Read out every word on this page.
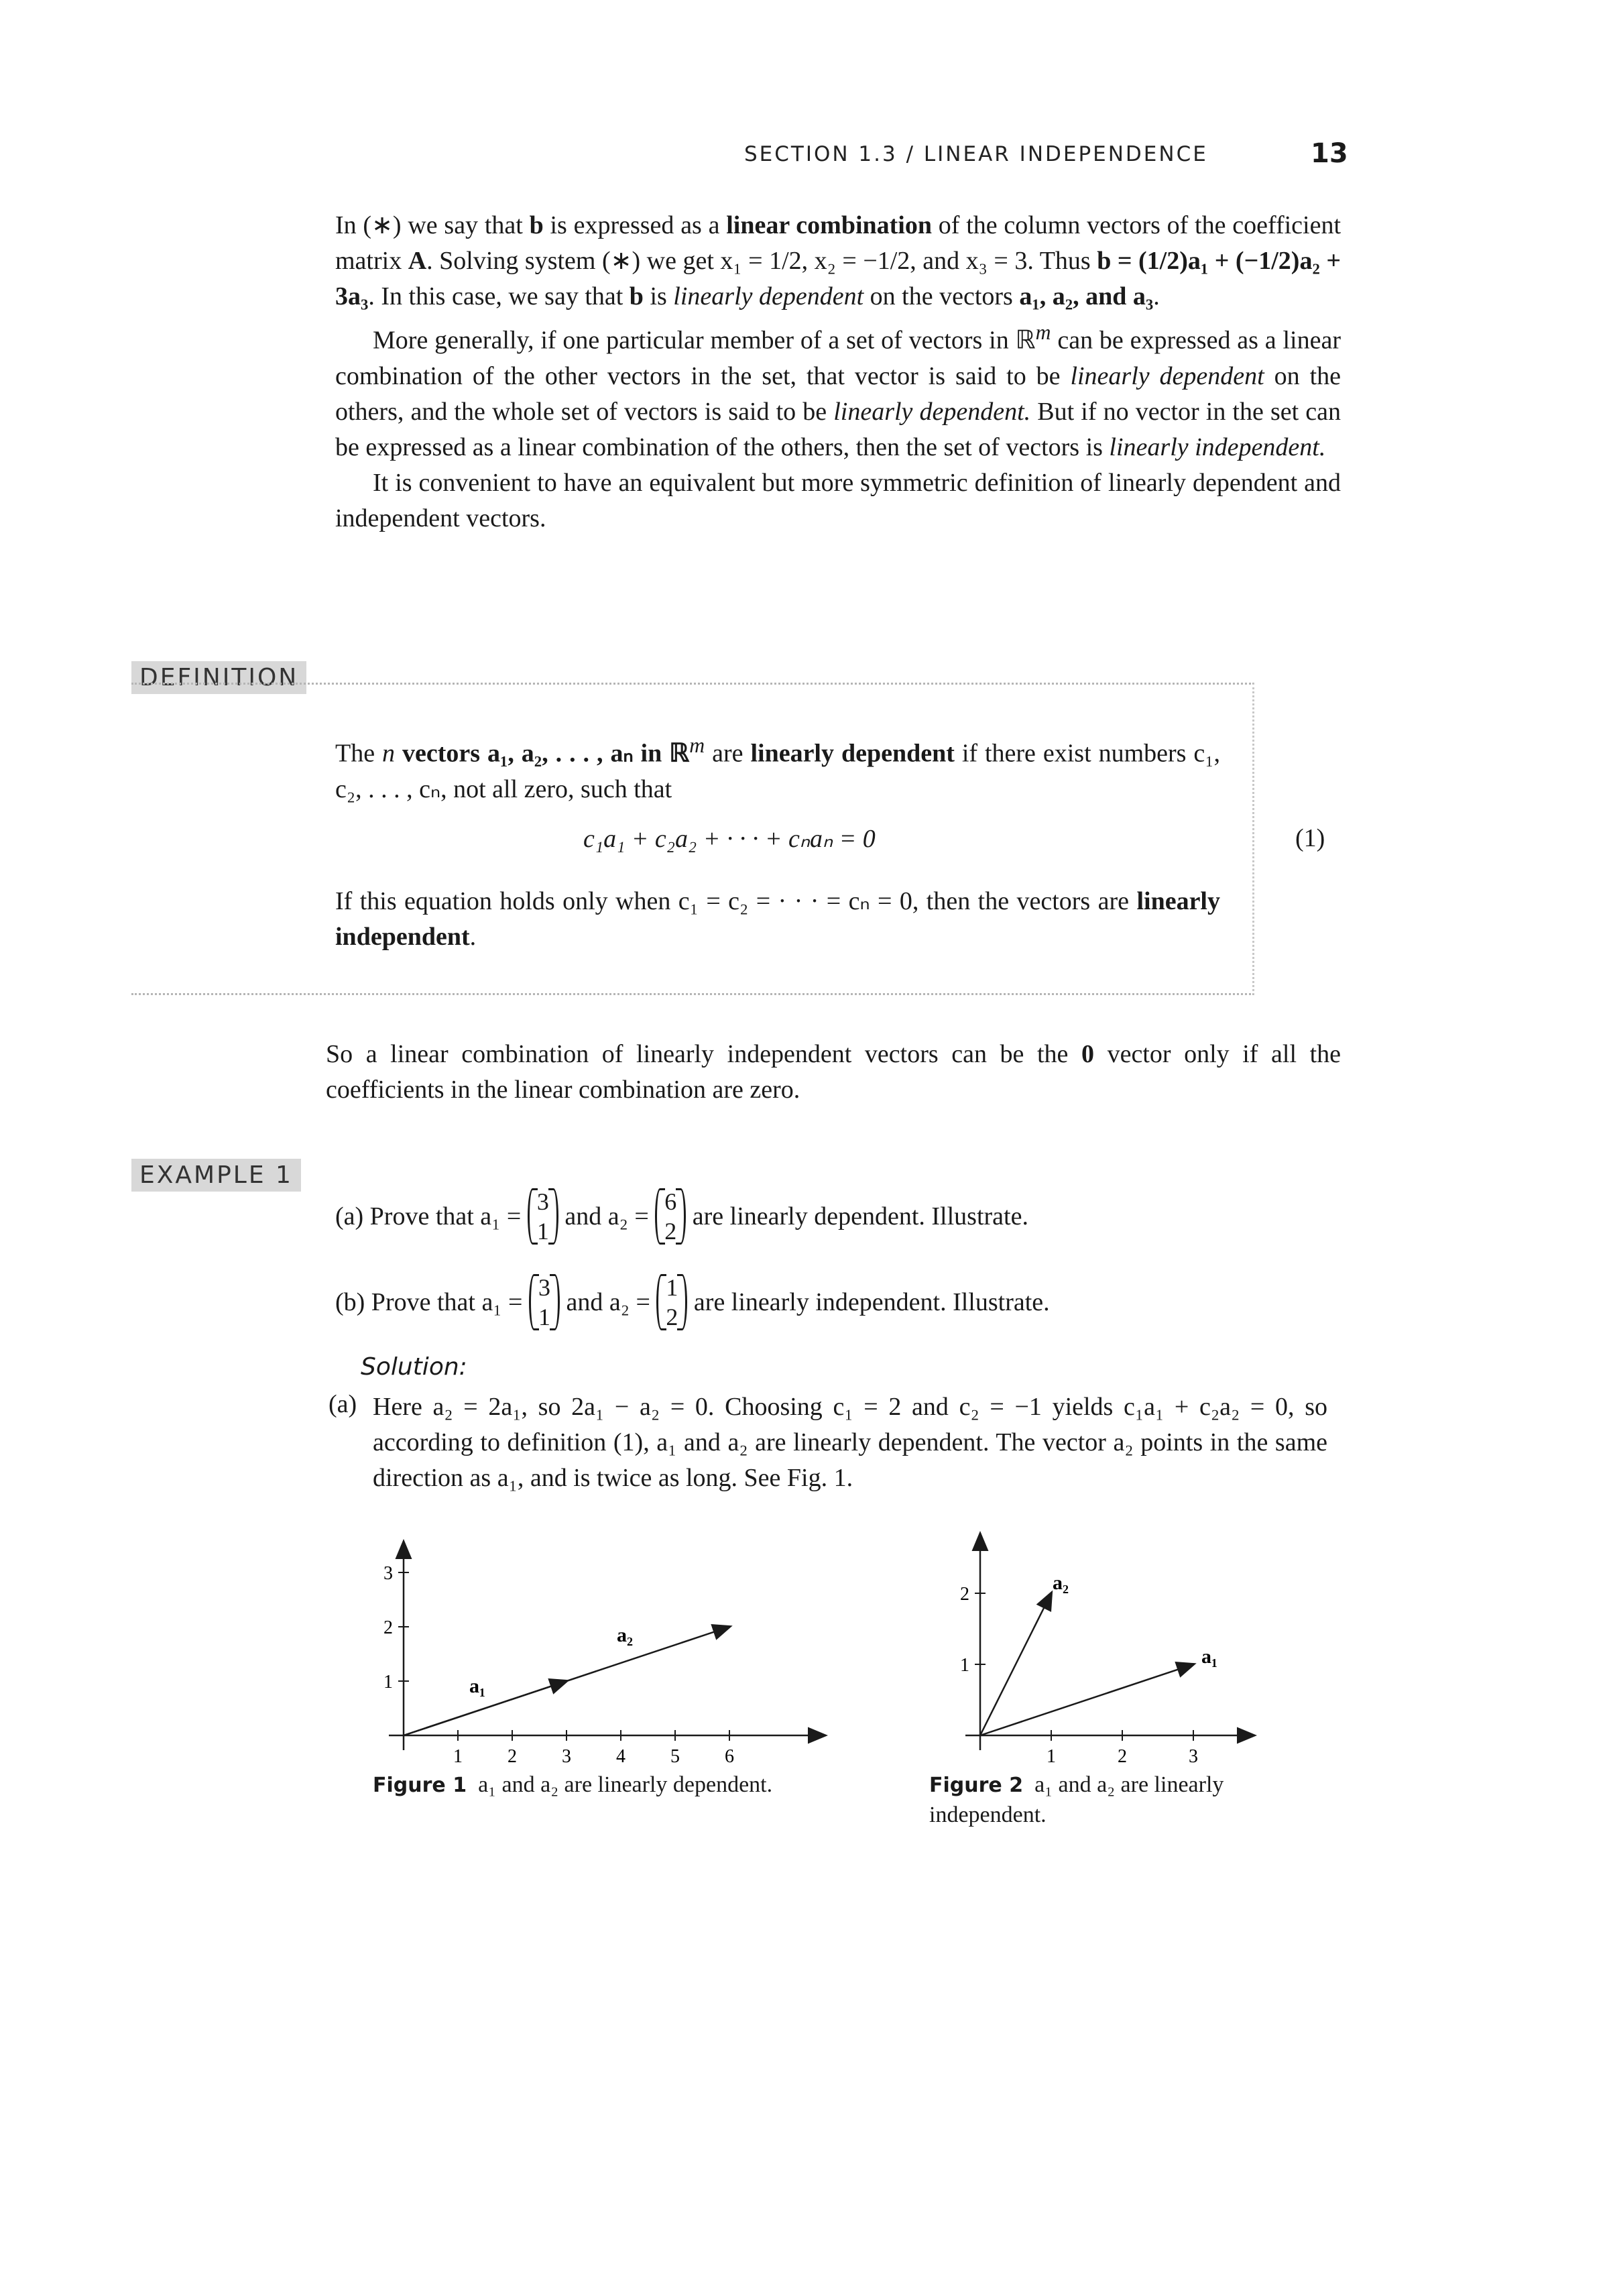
SECTION 1.3 / LINEAR INDEPENDENCE	13

In (∗) we say that b is expressed as a linear combination of the column vectors of the coefficient matrix A. Solving system (∗) we get x₁ = 1/2, x₂ = −1/2, and x₃ = 3. Thus b = (1/2)a₁ + (−1/2)a₂ + 3a₃. In this case, we say that b is linearly dependent on the vectors a₁, a₂, and a₃.

More generally, if one particular member of a set of vectors in ℝ$^m$ can be expressed as a linear combination of the other vectors in the set, that vector is said to be linearly dependent on the others, and the whole set of vectors is said to be linearly dependent. But if no vector in the set can be expressed as a linear combination of the others, then the set of vectors is linearly independent.

It is convenient to have an equivalent but more symmetric definition of linearly dependent and independent vectors.

DEFINITION

The n vectors a₁, a₂, . . . , aₙ in ℝ$^m$ are linearly dependent if there exist numbers c₁, c₂, . . . , cₙ, not all zero, such that

c₁a₁ + c₂a₂ + · · · + cₙaₙ = 0	(1)

If this equation holds only when c₁ = c₂ = · · · = cₙ = 0, then the vectors are linearly independent.

So a linear combination of linearly independent vectors can be the 0 vector only if all the coefficients in the linear combination are zero.

EXAMPLE 1
(a) Prove that a₁ =
3
1
and a₂ =
6
2
are linearly dependent. Illustrate.
(b) Prove that a₁ =
3
1
and a₂ =
1
2
are linearly independent. Illustrate.
Solution:
(a) Here a₂ = 2a₁, so 2a₁ − a₂ = 0. Choosing c₁ = 2 and c₂ = −1 yields c₁a₁ + c₂a₂ = 0, so according to definition (1), a₁ and a₂ are linearly dependent. The vector a₂ points in the same direction as a₁, and is twice as long. See Fig. 1.
1 2 3 4 5 6
1
2
3
a₁
a₂
Figure 1 a₁ and a₂ are linearly dependent.
1	2	3
1
2
a₁
a₂
Figure 2 a₁ and a₂ are linearly independent.
